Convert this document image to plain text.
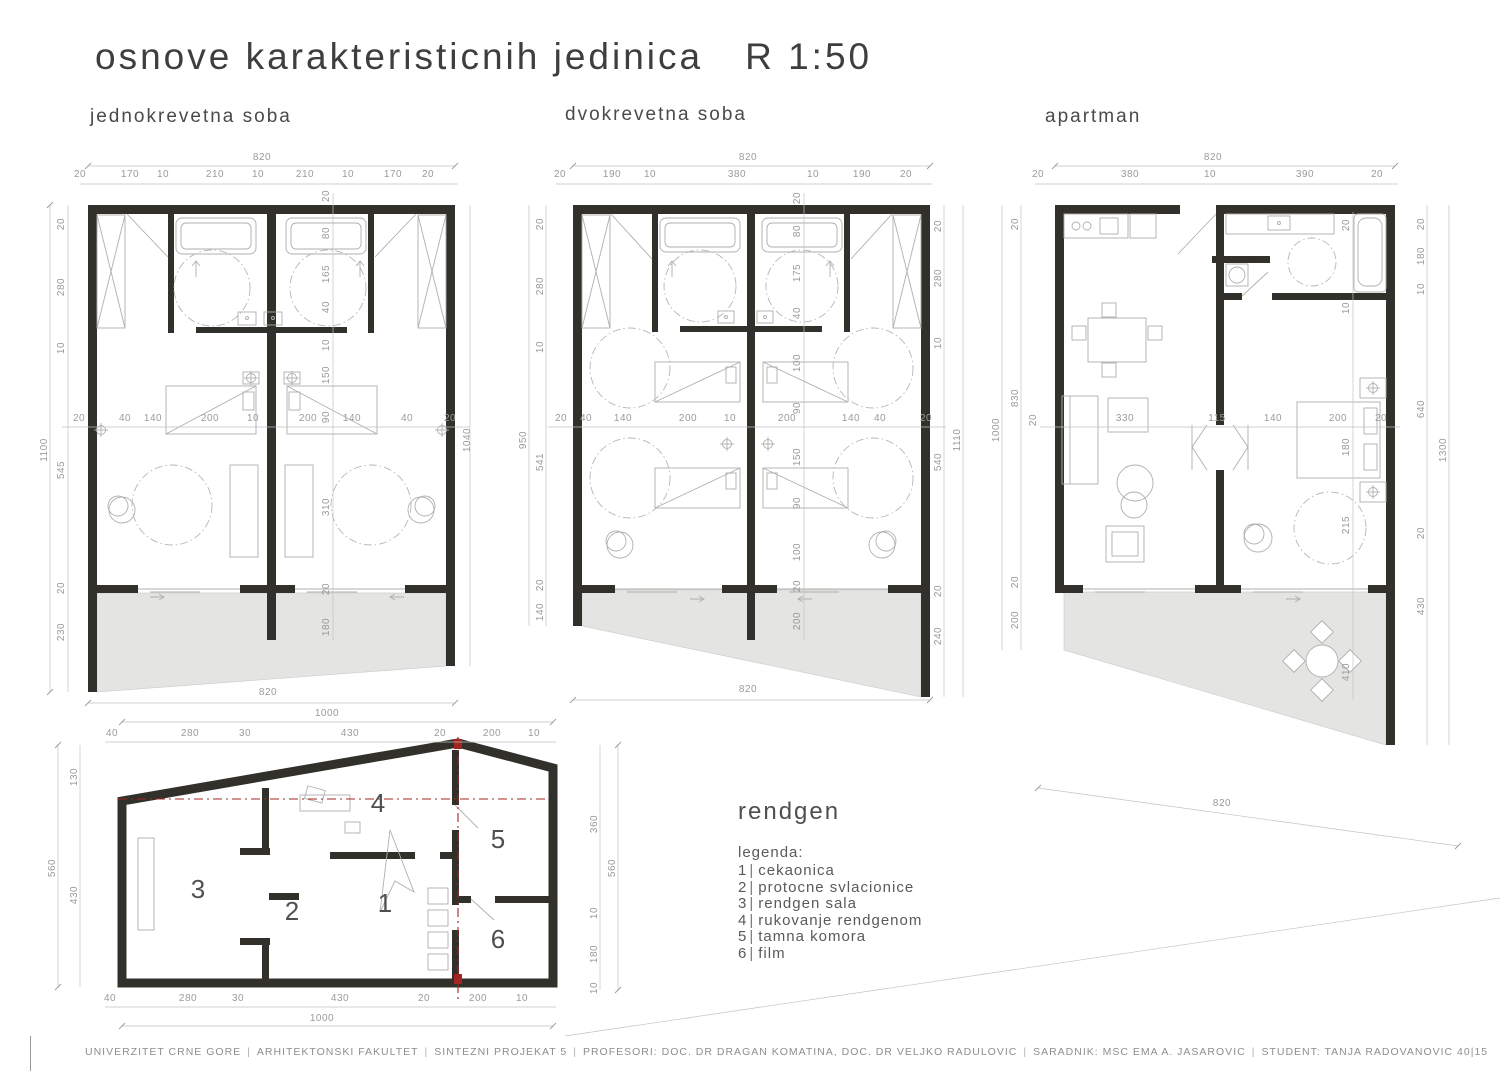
osnove karakteristicnih jedinica R 1:50
jednokrevetna soba	dvokrevetna soba	apartman
820
20	170 10	210	10	210	10	170 20
1100
20
280
10
545
20
230
1040
820
20	40 140	200	10	200	140	40	20
20
80
165
40
10
150
90
310
20
180
820
20	190 10	380	10	190	20
950
20
280
10
541
20
140
1110
20
280
10
540
20
240
820
20 40 140	200	10	200	140 40	20
20
80
175
40
100
90
150
90
100
20
200
820
20	380	10	390	20
1000
20
830
20
200
20
1300
20
180
10
640
20
430
330	115	140	200	20
20
10
180
215
410
820
1000
40	280	30	430	20	200	10
40	280	30	430	20	200	10
1000
560
130
430
560
360
10
180
10
1
2
3
4
5
6
rendgen
legenda:
1 | cekaonica
2 | protocne svlacionice
3 | rendgen sala
4 | rukovanje rendgenom
5 | tamna komora
6 | film
UNIVERZITET CRNE GORE | ARHITEKTONSKI FAKULTET | SINTEZNI PROJEKAT 5 | PROFESORI: DOC. DR DRAGAN KOMATINA, DOC. DR VELJKO RADULOVIC | SARADNIK: MSC EMA A. JASAROVIC | STUDENT: TANJA RADOVANOVIC 40|15
